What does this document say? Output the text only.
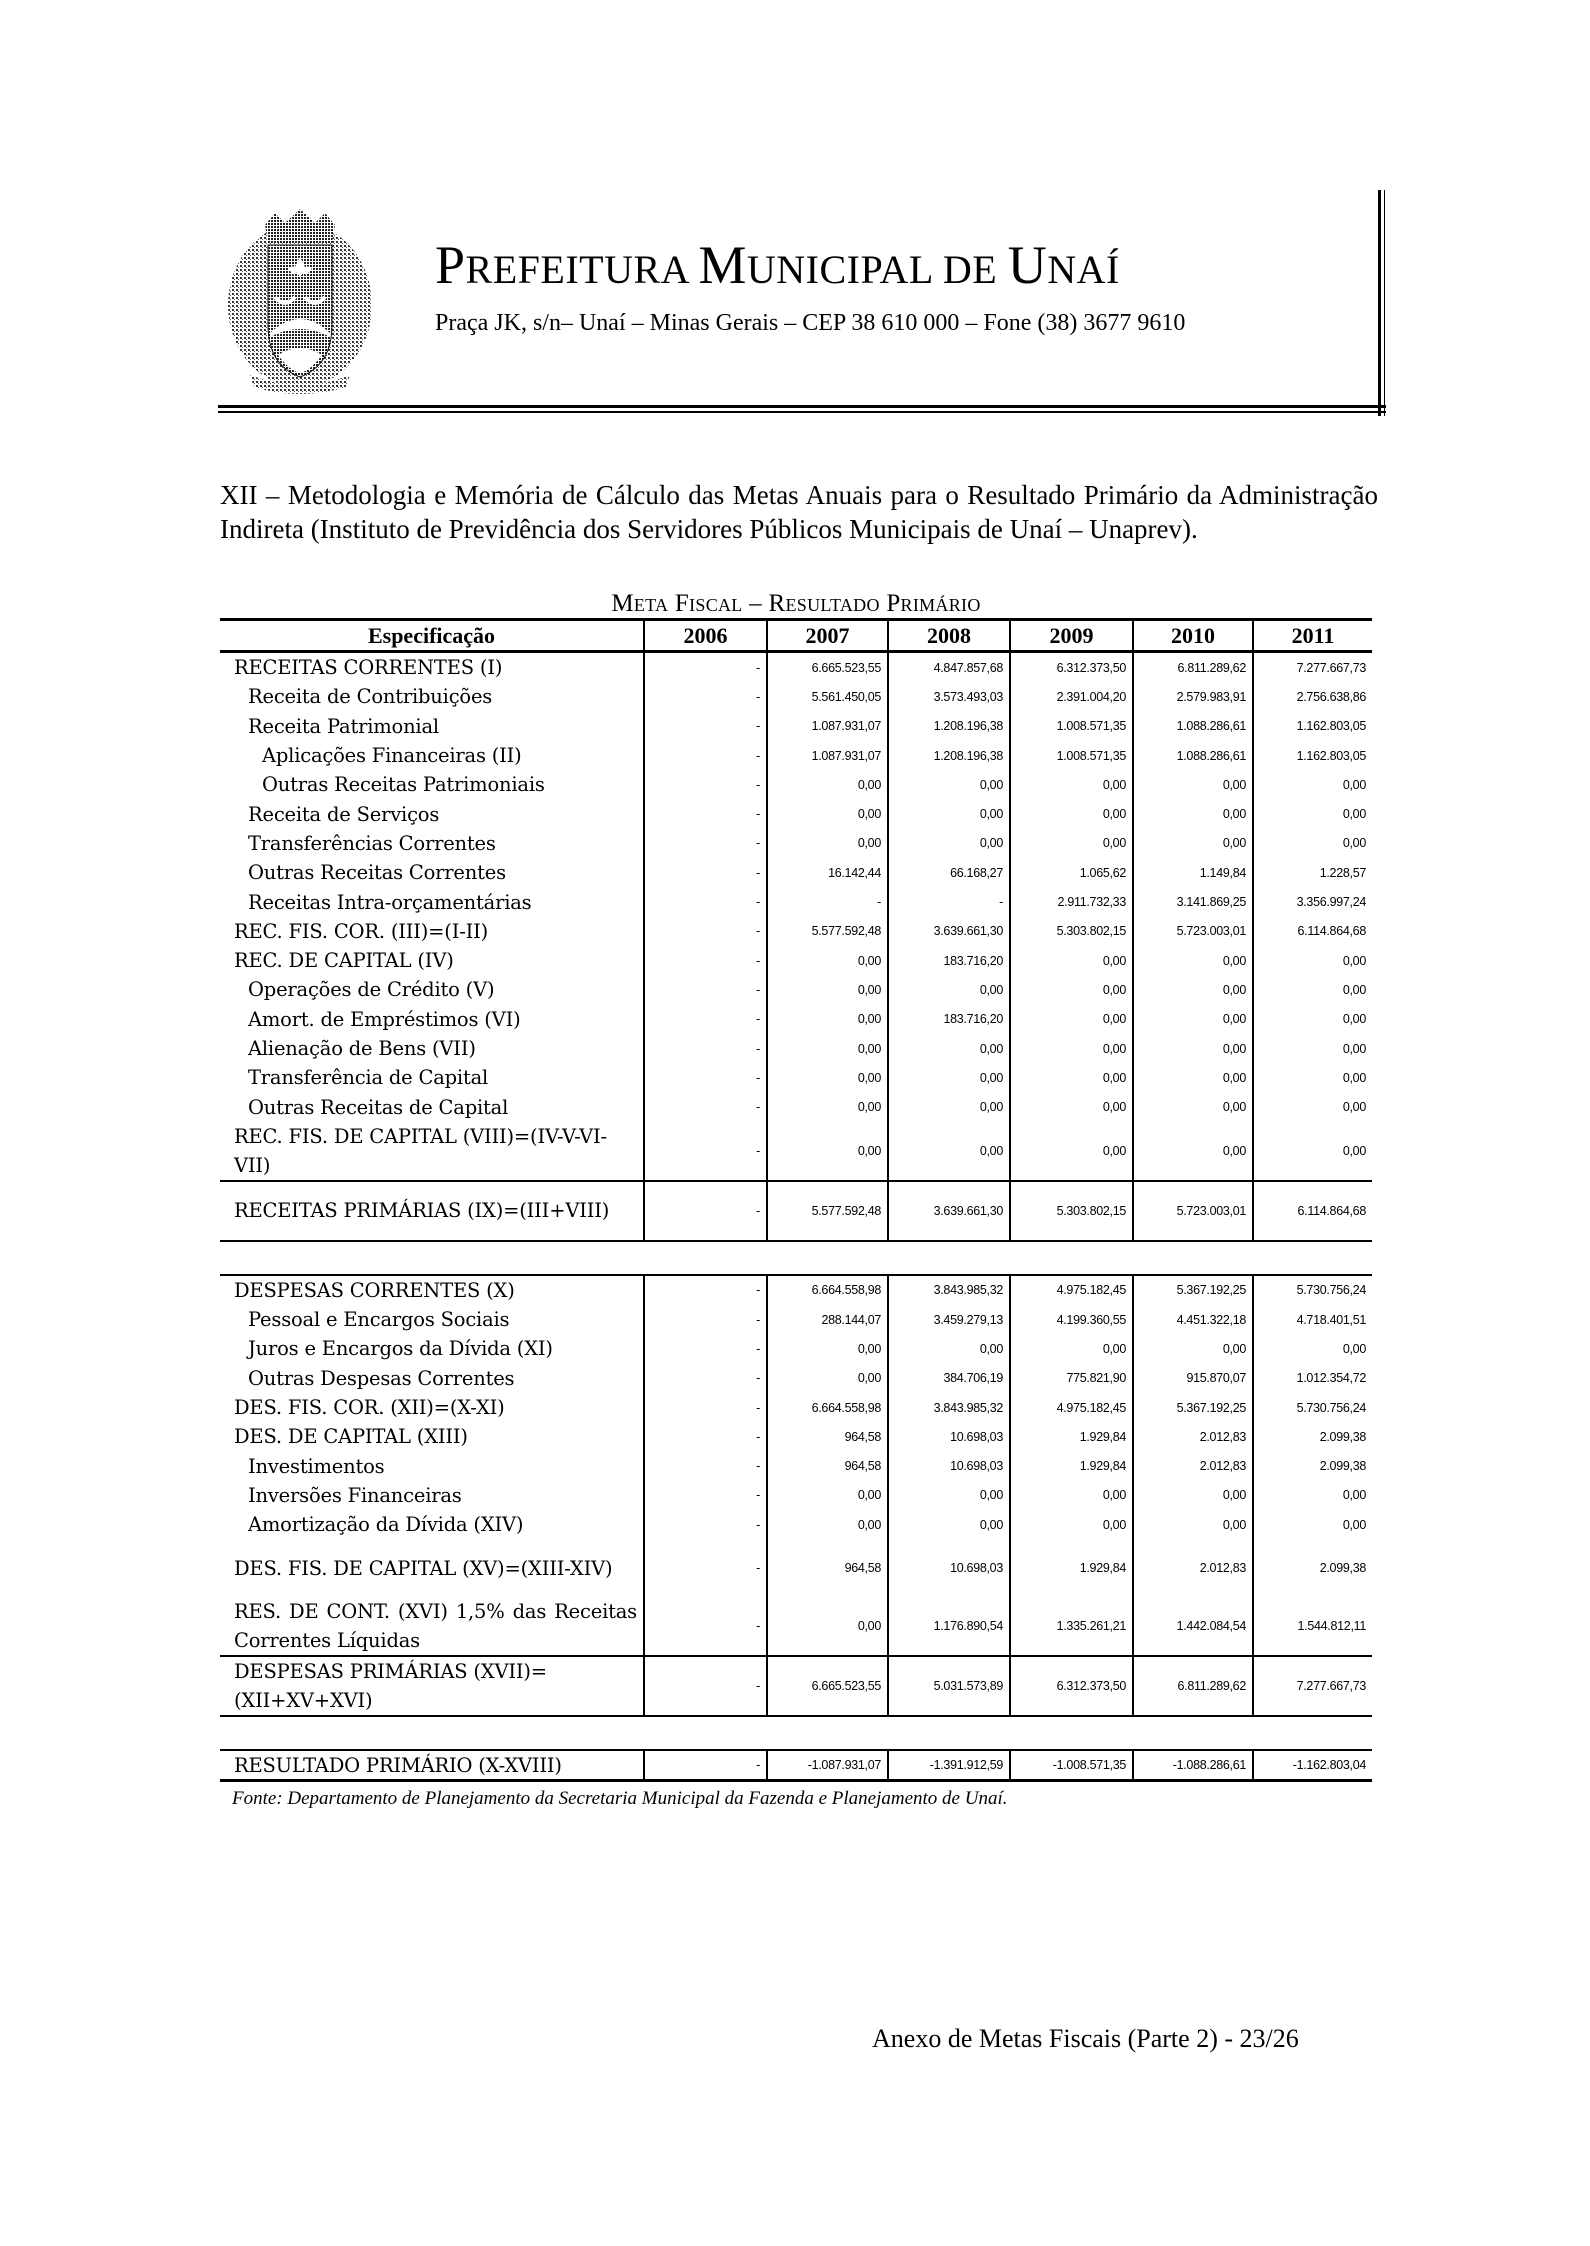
PREFEITURA MUNICIPAL DE UNAÍ
Praça JK, s/n– Unaí – Minas Gerais – CEP 38 610 000 – Fone (38) 3677 9610
XII – Metodologia e Memória de Cálculo das Metas Anuais para o Resultado Primário da Administração Indireta (Instituto de Previdência dos Servidores Públicos Municipais de Unaí – Unaprev).
Meta Fiscal – Resultado Primário
Especificação	2006	2007	2008	2009	2010	2011
RECEITAS CORRENTES (I)	-	6.665.523,55	4.847.857,68	6.312.373,50	6.811.289,62	7.277.667,73
Receita de Contribuições	-	5.561.450,05	3.573.493,03	2.391.004,20	2.579.983,91	2.756.638,86
Receita Patrimonial	-	1.087.931,07	1.208.196,38	1.008.571,35	1.088.286,61	1.162.803,05
Aplicações Financeiras (II)	-	1.087.931,07	1.208.196,38	1.008.571,35	1.088.286,61	1.162.803,05
Outras Receitas Patrimoniais	-	0,00	0,00	0,00	0,00	0,00
Receita de Serviços	-	0,00	0,00	0,00	0,00	0,00
Transferências Correntes	-	0,00	0,00	0,00	0,00	0,00
Outras Receitas Correntes	-	16.142,44	66.168,27	1.065,62	1.149,84	1.228,57
Receitas Intra-orçamentárias	-	-	-	2.911.732,33	3.141.869,25	3.356.997,24
REC. FIS. COR. (III)=(I-II)	-	5.577.592,48	3.639.661,30	5.303.802,15	5.723.003,01	6.114.864,68
REC. DE CAPITAL (IV)	-	0,00	183.716,20	0,00	0,00	0,00
Operações de Crédito (V)	-	0,00	0,00	0,00	0,00	0,00
Amort. de Empréstimos (VI)	-	0,00	183.716,20	0,00	0,00	0,00
Alienação de Bens (VII)	-	0,00	0,00	0,00	0,00	0,00
Transferência de Capital	-	0,00	0,00	0,00	0,00	0,00
Outras Receitas de Capital	-	0,00	0,00	0,00	0,00	0,00
REC. FIS. DE CAPITAL (VIII)=(IV-V-VI-VII)	-	0,00	0,00	0,00	0,00	0,00
RECEITAS PRIMÁRIAS (IX)=(III+VIII)	-	5.577.592,48	3.639.661,30	5.303.802,15	5.723.003,01	6.114.864,68

DESPESAS CORRENTES (X)	-	6.664.558,98	3.843.985,32	4.975.182,45	5.367.192,25	5.730.756,24
Pessoal e Encargos Sociais	-	288.144,07	3.459.279,13	4.199.360,55	4.451.322,18	4.718.401,51
Juros e Encargos da Dívida (XI)	-	0,00	0,00	0,00	0,00	0,00
Outras Despesas Correntes	-	0,00	384.706,19	775.821,90	915.870,07	1.012.354,72
DES. FIS. COR. (XII)=(X-XI)	-	6.664.558,98	3.843.985,32	4.975.182,45	5.367.192,25	5.730.756,24
DES. DE CAPITAL (XIII)	-	964,58	10.698,03	1.929,84	2.012,83	2.099,38
Investimentos	-	964,58	10.698,03	1.929,84	2.012,83	2.099,38
Inversões Financeiras	-	0,00	0,00	0,00	0,00	0,00
Amortização da Dívida (XIV)	-	0,00	0,00	0,00	0,00	0,00
DES. FIS. DE CAPITAL (XV)=(XIII-XIV)	-	964,58	10.698,03	1.929,84	2.012,83	2.099,38
RES. DE CONT. (XVI) 1,5% das Receitas Correntes Líquidas	-	0,00	1.176.890,54	1.335.261,21	1.442.084,54	1.544.812,11
DESPESAS PRIMÁRIAS (XVII)=(XII+XV+XVI)	-	6.665.523,55	5.031.573,89	6.312.373,50	6.811.289,62	7.277.667,73

RESULTADO PRIMÁRIO (X-XVIII)	-	-1.087.931,07	-1.391.912,59	-1.008.571,35	-1.088.286,61	-1.162.803,04
Fonte: Departamento de Planejamento da Secretaria Municipal da Fazenda e Planejamento de Unaí.
Anexo de Metas Fiscais (Parte 2) - 23/26
